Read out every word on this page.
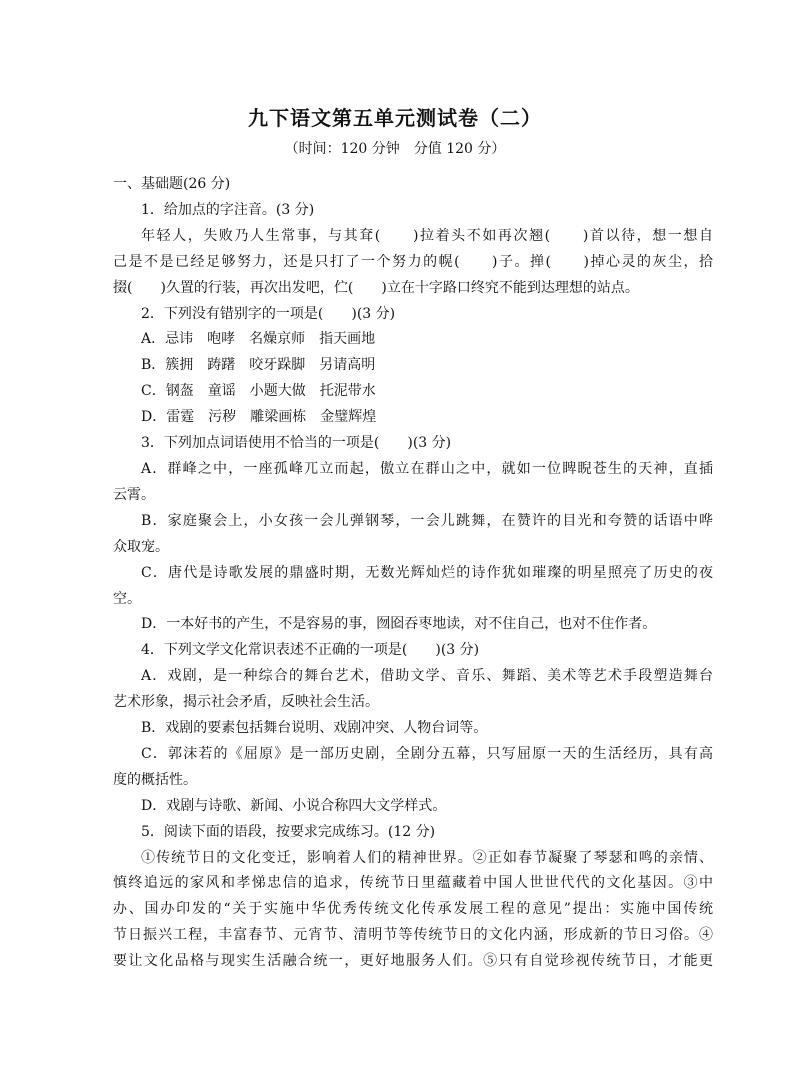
九下语文第五单元测试卷（二）
（时间：120 分钟　分值 120 分）

一、基础题(26 分)

1．给加点的字注音。(3 分)

年轻人，失败乃人生常事，与其耷(　　)拉着头不如再次翘(　　)首以待，想一想自

己是不是已经足够努力，还是只打了一个努力的幌(　　)子。掸(　　)掉心灵的灰尘，拾

掇(　　)久置的行装，再次出发吧，伫(　　)立在十字路口终究不能到达理想的站点。

2．下列没有错别字的一项是(　　)(3 分)

A．忌讳　咆哮　名燥京师　指天画地

B．簇拥　踌躇　咬牙跺脚　另请高明

C．钢盔　童谣　小题大做　托泥带水

D．雷霆　污秽　雕梁画栋　金璧辉煌

3．下列加点词语使用不恰当的一项是(　　)(3 分)

A．群峰之中，一座孤峰兀立而起，傲立在群山之中，就如一位睥睨苍生的天神，直插

云霄。

B．家庭聚会上，小女孩一会儿弹钢琴，一会儿跳舞，在赞许的目光和夸赞的话语中哗

众取宠。

C．唐代是诗歌发展的鼎盛时期，无数光辉灿烂的诗作犹如璀璨的明星照亮了历史的夜

空。

D．一本好书的产生，不是容易的事，囫囵吞枣地读，对不住自己，也对不住作者。

4．下列文学文化常识表述不正确的一项是(　　)(3 分)

A．戏剧，是一种综合的舞台艺术，借助文学、音乐、舞蹈、美术等艺术手段塑造舞台

艺术形象，揭示社会矛盾，反映社会生活。

B．戏剧的要素包括舞台说明、戏剧冲突、人物台词等。

C．郭沫若的《屈原》是一部历史剧，全剧分五幕，只写屈原一天的生活经历，具有高

度的概括性。

D．戏剧与诗歌、新闻、小说合称四大文学样式。

5．阅读下面的语段，按要求完成练习。(12 分)

①传统节日的文化变迁，影响着人们的精神世界。②正如春节凝聚了琴瑟和鸣的亲情、

慎终追远的家风和孝悌忠信的追求，传统节日里蕴藏着中国人世世代代的文化基因。③中

办、国办印发的“关于实施中华优秀传统文化传承发展工程的意见”提出：实施中国传统

节日振兴工程，丰富春节、元宵节、清明节等传统节日的文化内涵，形成新的节日习俗。④

要让文化品格与现实生活融合统一，更好地服务人们。⑤只有自觉珍视传统节日，才能更
